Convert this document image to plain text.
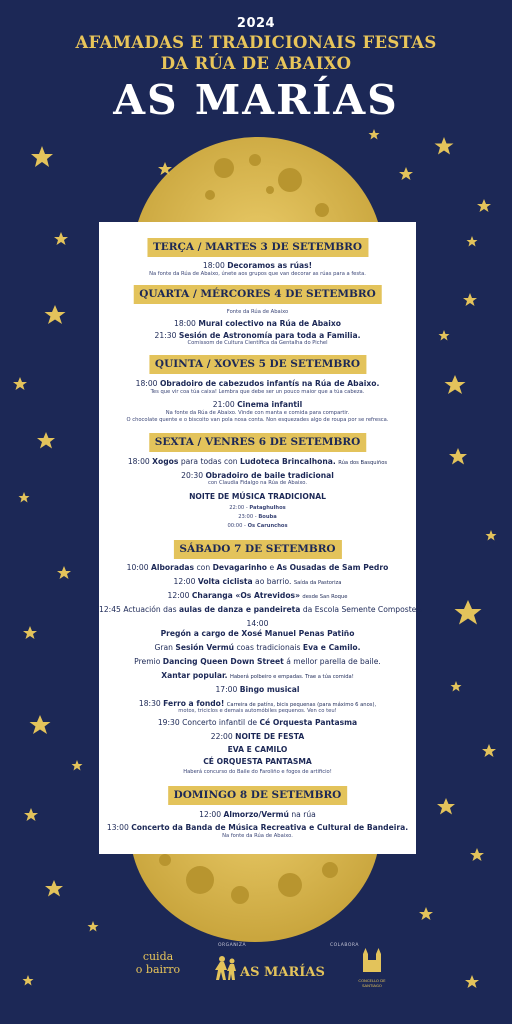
2024
AFAMADAS E TRADICIONAIS FESTAS
DA RÚA DE ABAIXO
AS MARÍAS
TERÇA / MARTES 3 DE SETEMBRO
18:00 Decoramos as rúas!
Na fonte da Rúa de Abaixo, únete aos grupos que van decorar as rúas para a festa.
QUARTA / MÉRCORES 4 DE SETEMBRO
Fonte da Rúa de Abaixo
18:00 Mural colectivo na Rúa de Abaixo
21:30 Sesión de Astronomía para toda a Familia.
Comissom de Cultura Científica da Gentalha do Pichel
QUINTA / XOVES 5 DE SETEMBRO
18:00 Obradoiro de cabezudos infantís na Rúa de Abaixo.
Tes que vir coa túa caixa! Lembra que debe ser un pouco maior que a túa cabeza.
21:00 Cinema infantil
Na fonte da Rúa de Abaixo. Vinde con manta e comida para compartir.
O chocolate quente e o biscoito van pola nosa conta. Non esquezades algo de roupa por se refresca.
SEXTA / VENRES 6 DE SETEMBRO
18:00 Xogos para todas con Ludoteca Brincalhona. Rúa dos Basquiños
20:30 Obradoiro de baile tradicional
con Claudia Fidalgo na Rúa de Abaixo.
NOITE DE MÚSICA TRADICIONAL
22:00 - Pataghulhos
23:00 - Bouba
00:00 - Os Carunchos
SÁBADO 7 DE SETEMBRO
10:00 Alboradas con Devagarinho e As Ousadas de Sam Pedro
12:00 Volta ciclista ao barrio. Saída da Pastoriza
12:00 Charanga «Os Atrevidos» desde San Roque
12:45 Actuación das aulas de danza e pandeireta da Escola Semente Compostela
14:00
Pregón a cargo de Xosé Manuel Penas Patiño
Gran Sesión Vermú coas tradicionais Eva e Camilo.
Premio Dancing Queen Down Street á mellor parella de baile.
Xantar popular. Haberá polbeiro e empadas. Trae a túa comida!
17:00 Bingo musical
18:30 Ferro a fondo! Carreira de patíns, bicis pequenas (para máximo 6 anos),
motos, triciclos e demais automóbiles pequenos. Ven co teu!
19:30 Concerto infantil de Cé Orquesta Pantasma
22:00 NOITE DE FESTA
EVA E CAMILO
CÉ ORQUESTA PANTASMA
Haberá concurso do Baile do Faroliño e fogos de artificio!
DOMINGO 8 DE SETEMBRO
12:00 Almorzo/Vermú na rúa
13:00 Concerto da Banda de Música Recreativa e Cultural de Bandeira.
Na fonte da Rúa de Abaixo.
cuida
o bairro
ORGANIZA
AS MARÍAS
COLABORA
CONCELLO DE
SANTIAGO
